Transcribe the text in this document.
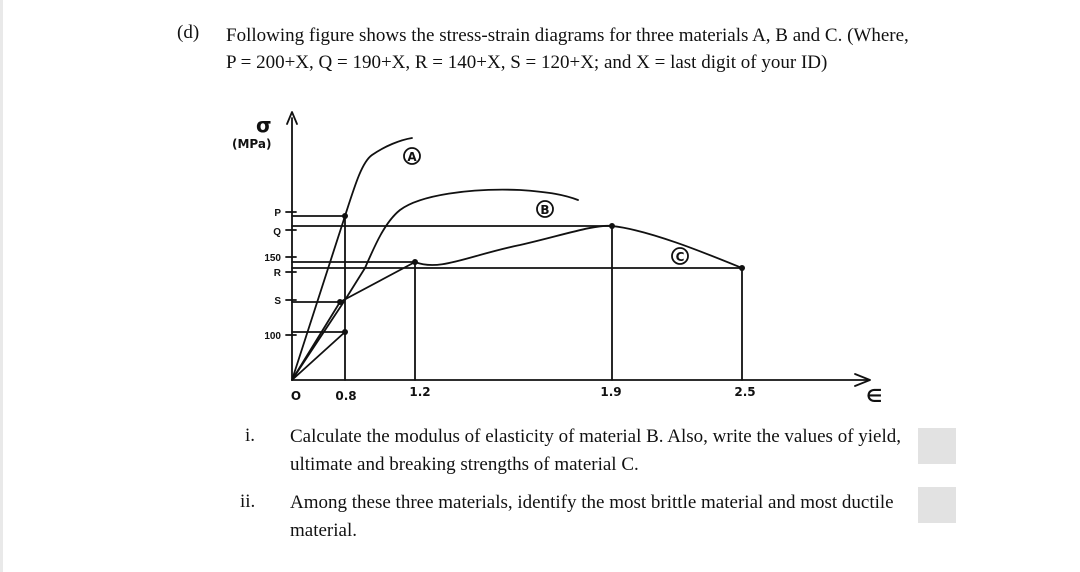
(d) Following figure shows the stress-strain diagrams for three materials A, B and C. (Where, P = 200+X, Q = 190+X, R = 140+X, S = 120+X; and X = last digit of your ID)

A
B
C
σ
(MPa)
∈
P
Q
150
R
S
100
O	0.8	1.2	1.9	2.5
i. Calculate the modulus of elasticity of material B. Also, write the values of yield, ultimate and breaking strengths of material C.

ii. Among these three materials, identify the most brittle material and most ductile material.
